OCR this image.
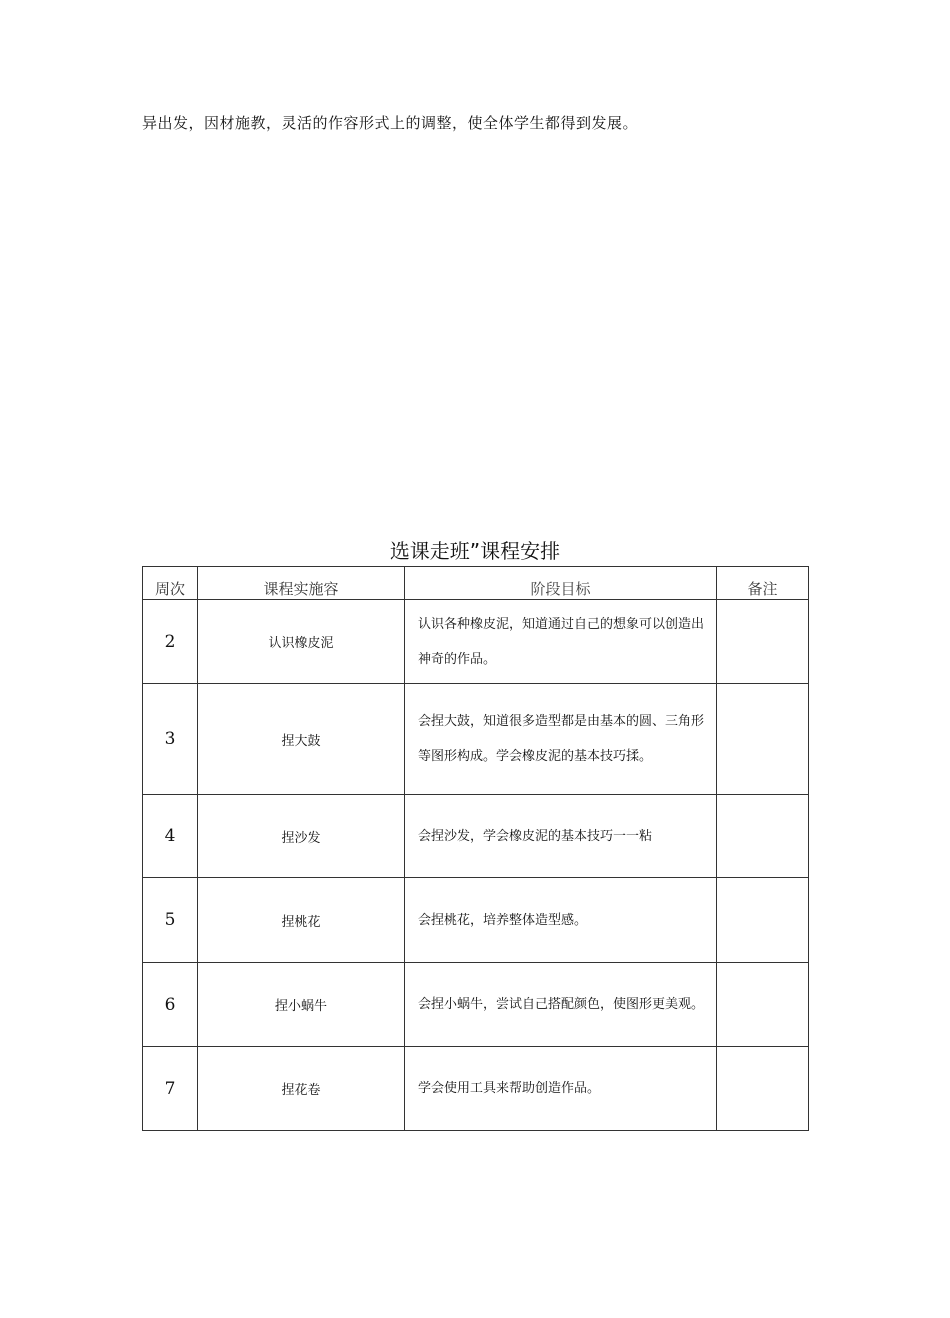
异出发，因材施教，灵活的作容形式上的调整，使全体学生都得到发展。
选课走班”课程安排
周次	课程实施容	阶段目标	备注
2	认识橡皮泥	认识各种橡皮泥，知道通过自己的想象可以创造出神奇的作品。	
3	捏大鼓	会捏大鼓，知道很多造型都是由基本的圆、三角形等图形构成。学会橡皮泥的基本技巧揉。	
4	捏沙发	会捏沙发，学会橡皮泥的基本技巧一一粘	
5	捏桃花	会捏桃花，培养整体造型感。	
6	捏小蜗牛	会捏小蜗牛，尝试自己搭配颜色，使图形更美观。	
7	捏花卷	学会使用工具来帮助创造作品。	
